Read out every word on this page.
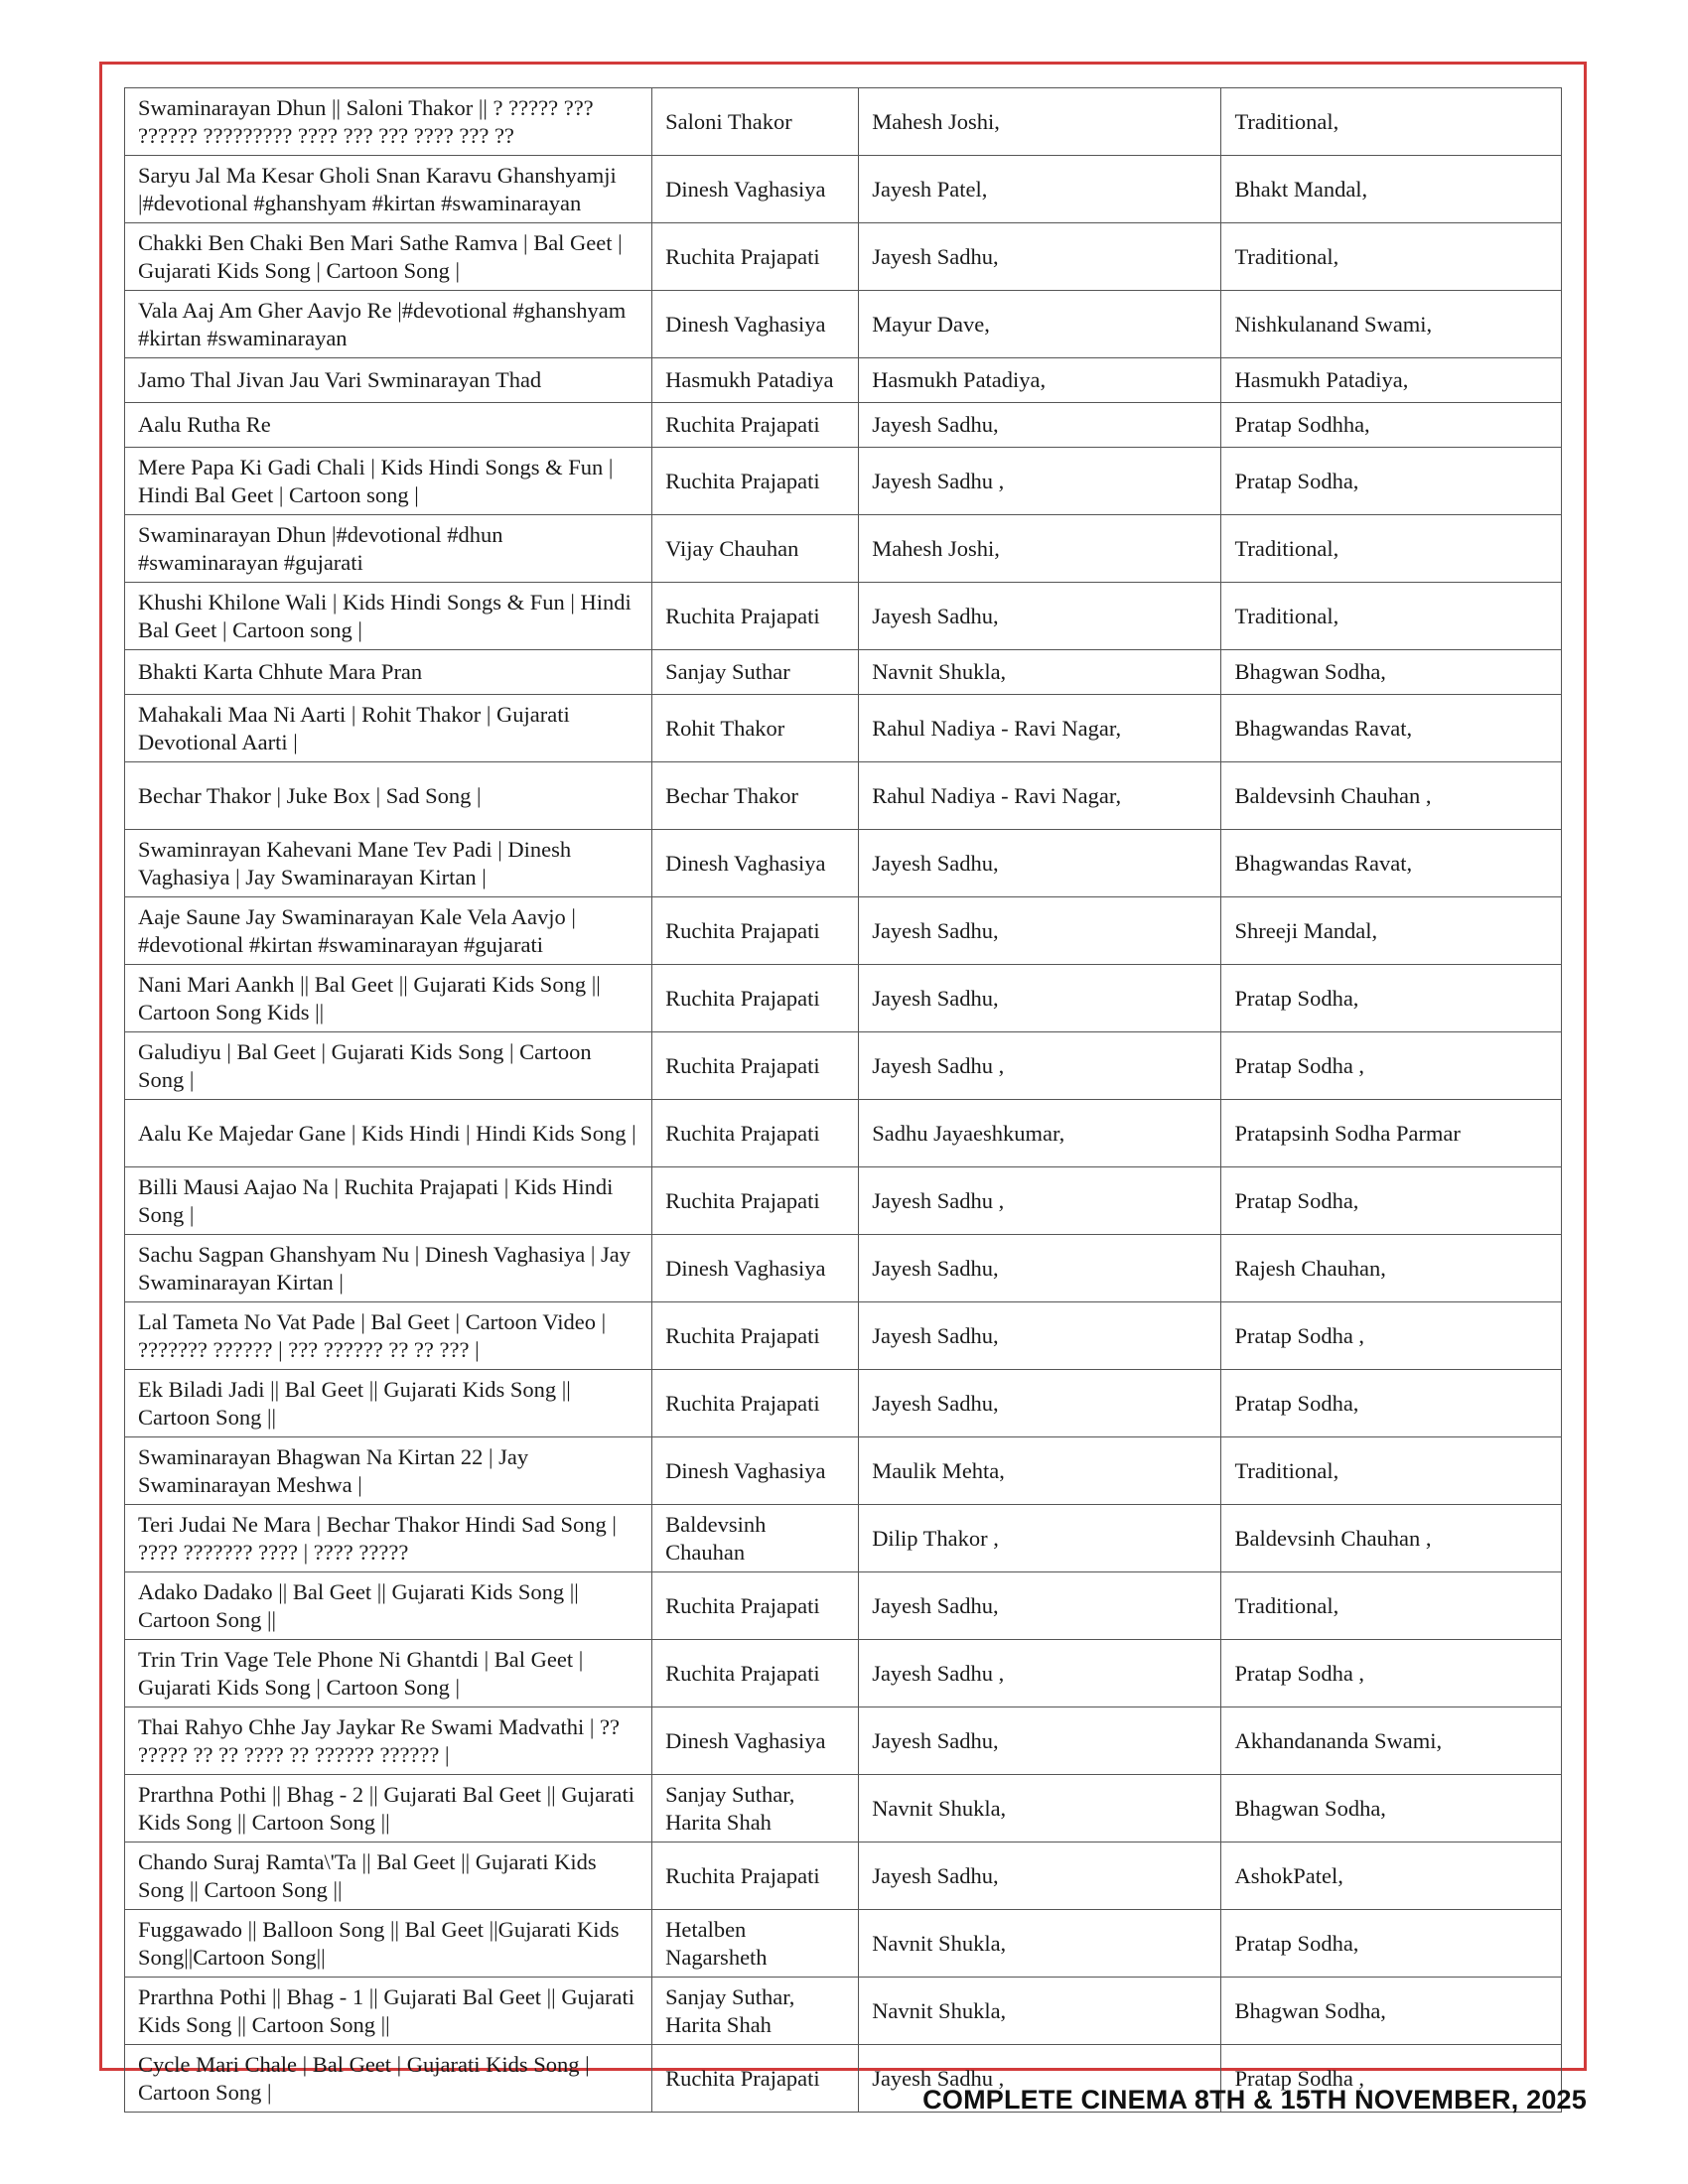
Swaminarayan Dhun || Saloni Thakor || ? ????? ??? ?????? ????????? ???? ??? ??? ???? ??? ??	Saloni Thakor	Mahesh Joshi,	Traditional,
Saryu Jal Ma Kesar Gholi Snan Karavu Ghanshyamji |#devotional #ghanshyam #kirtan #swaminarayan	Dinesh Vaghasiya	Jayesh Patel,	Bhakt Mandal,
Chakki Ben Chaki Ben Mari Sathe Ramva | Bal Geet | Gujarati Kids Song | Cartoon Song |	Ruchita Prajapati	Jayesh Sadhu,	Traditional,
Vala Aaj Am Gher Aavjo Re |#devotional #ghanshyam #kirtan #swaminarayan	Dinesh Vaghasiya	Mayur Dave,	Nishkulanand Swami,
Jamo Thal Jivan Jau Vari Swminarayan Thad	Hasmukh Patadiya	Hasmukh Patadiya,	Hasmukh Patadiya,
Aalu Rutha Re	Ruchita Prajapati	Jayesh Sadhu,	Pratap Sodhha,
Mere Papa Ki Gadi Chali | Kids Hindi Songs & Fun | Hindi Bal Geet | Cartoon song |	Ruchita Prajapati	Jayesh Sadhu ,	Pratap Sodha,
Swaminarayan Dhun |#devotional #dhun #swaminarayan #gujarati	Vijay Chauhan	Mahesh Joshi,	Traditional,
Khushi Khilone Wali | Kids Hindi Songs & Fun | Hindi Bal Geet | Cartoon song |	Ruchita Prajapati	Jayesh Sadhu,	Traditional,
Bhakti Karta Chhute Mara Pran	Sanjay Suthar	Navnit Shukla,	Bhagwan Sodha,
Mahakali Maa Ni Aarti | Rohit Thakor | Gujarati Devotional Aarti |	Rohit Thakor	Rahul Nadiya - Ravi Nagar,	Bhagwandas Ravat,
Bechar Thakor | Juke Box | Sad Song |	Bechar Thakor	Rahul Nadiya - Ravi Nagar,	Baldevsinh Chauhan ,
Swaminrayan Kahevani Mane Tev Padi | Dinesh Vaghasiya | Jay Swaminarayan Kirtan |	Dinesh Vaghasiya	Jayesh Sadhu,	Bhagwandas Ravat,
Aaje Saune Jay Swaminarayan Kale Vela Aavjo | #devotional #kirtan #swaminarayan #gujarati	Ruchita Prajapati	Jayesh Sadhu,	Shreeji Mandal,
Nani Mari Aankh || Bal Geet || Gujarati Kids Song || Cartoon Song Kids ||	Ruchita Prajapati	Jayesh Sadhu,	Pratap Sodha,
Galudiyu | Bal Geet | Gujarati Kids Song | Cartoon Song |	Ruchita Prajapati	Jayesh Sadhu ,	Pratap Sodha ,
Aalu Ke Majedar Gane | Kids Hindi | Hindi Kids Song |	Ruchita Prajapati	Sadhu Jayaeshkumar,	Pratapsinh Sodha Parmar
Billi Mausi Aajao Na | Ruchita Prajapati | Kids Hindi Song |	Ruchita Prajapati	Jayesh Sadhu ,	Pratap Sodha,
Sachu Sagpan Ghanshyam Nu | Dinesh Vaghasiya | Jay Swaminarayan Kirtan |	Dinesh Vaghasiya	Jayesh Sadhu,	Rajesh Chauhan,
Lal Tameta No Vat Pade | Bal Geet | Cartoon Video | ??????? ?????? | ??? ?????? ?? ?? ??? |	Ruchita Prajapati	Jayesh Sadhu,	Pratap Sodha ,
Ek Biladi Jadi || Bal Geet || Gujarati Kids Song || Cartoon Song ||	Ruchita Prajapati	Jayesh Sadhu,	Pratap Sodha,
Swaminarayan Bhagwan Na Kirtan 22 | Jay Swaminarayan Meshwa |	Dinesh Vaghasiya	Maulik Mehta,	Traditional,
Teri Judai Ne Mara | Bechar Thakor Hindi Sad Song | ???? ??????? ???? | ???? ?????	Baldevsinh Chauhan	Dilip Thakor ,	Baldevsinh Chauhan ,
Adako Dadako || Bal Geet || Gujarati Kids Song || Cartoon Song ||	Ruchita Prajapati	Jayesh Sadhu,	Traditional,
Trin Trin Vage Tele Phone Ni Ghantdi | Bal Geet | Gujarati Kids Song | Cartoon Song |	Ruchita Prajapati	Jayesh Sadhu ,	Pratap Sodha ,
Thai Rahyo Chhe Jay Jaykar Re Swami Madvathi | ?? ????? ?? ?? ???? ?? ?????? ?????? |	Dinesh Vaghasiya	Jayesh Sadhu,	Akhandananda Swami,
Prarthna Pothi || Bhag - 2 || Gujarati Bal Geet || Gujarati Kids Song || Cartoon Song ||	Sanjay Suthar, Harita Shah	Navnit Shukla,	Bhagwan Sodha,
Chando Suraj Ramta\'Ta || Bal Geet || Gujarati Kids Song || Cartoon Song ||	Ruchita Prajapati	Jayesh Sadhu,	AshokPatel,
Fuggawado || Balloon Song || Bal Geet ||Gujarati Kids Song||Cartoon Song||	Hetalben Nagarsheth	Navnit Shukla,	Pratap Sodha,
Prarthna Pothi || Bhag - 1 || Gujarati Bal Geet || Gujarati Kids Song || Cartoon Song ||	Sanjay Suthar, Harita Shah	Navnit Shukla,	Bhagwan Sodha,
Cycle Mari Chale | Bal Geet | Gujarati Kids Song | Cartoon Song |	Ruchita Prajapati	Jayesh Sadhu ,	Pratap Sodha ,
COMPLETE CINEMA 8TH & 15TH NOVEMBER, 2025
